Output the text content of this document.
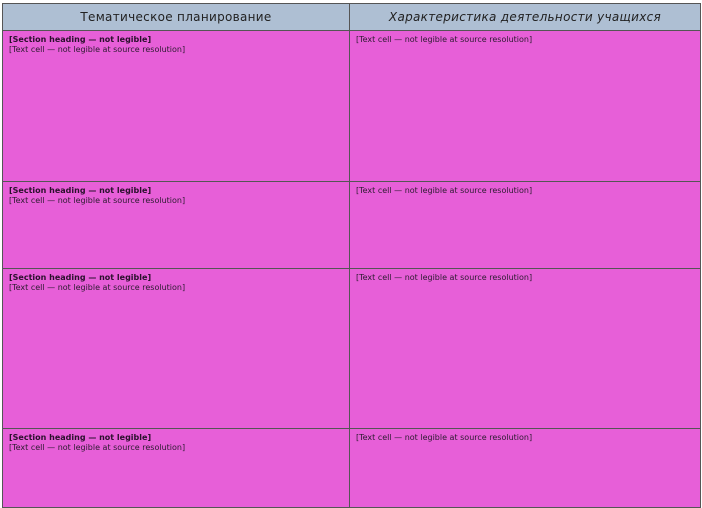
Тематическое планирование	Характеристика деятельности учащихся

[Section heading — not legible]
[Text cell — not legible at source resolution]	[Text cell — not legible at source resolution]

[Section heading — not legible]
[Text cell — not legible at source resolution]	[Text cell — not legible at source resolution]

[Section heading — not legible]
[Text cell — not legible at source resolution]	[Text cell — not legible at source resolution]

[Section heading — not legible]
[Text cell — not legible at source resolution]	[Text cell — not legible at source resolution]
